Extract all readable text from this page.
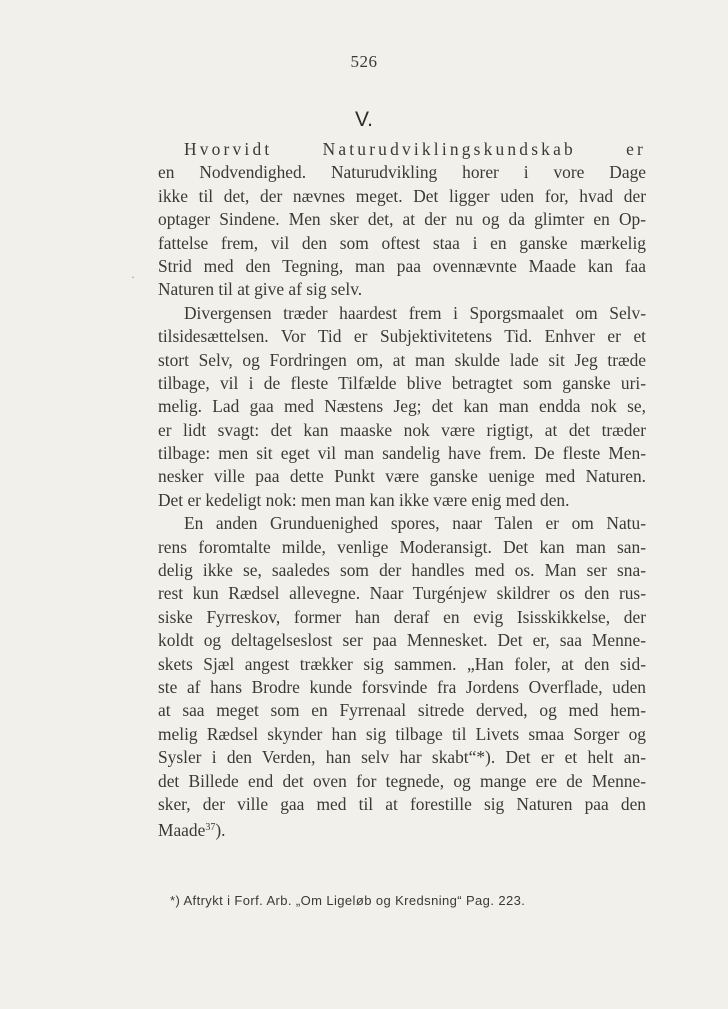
526
V.
·
Hvorvidt Naturudviklingskundskab er
en Nodvendighed. Naturudvikling horer i vore Dage
ikke til det, der nævnes meget. Det ligger uden for, hvad der
optager Sindene. Men sker det, at der nu og da glimter en Op-
fattelse frem, vil den som oftest staa i en ganske mærkelig
Strid med den Tegning, man paa ovennævnte Maade kan faa
Naturen til at give af sig selv.
Divergensen træder haardest frem i Sporgsmaalet om Selv-
tilsidesættelsen. Vor Tid er Subjektivitetens Tid. Enhver er et
stort Selv, og Fordringen om, at man skulde lade sit Jeg træde
tilbage, vil i de fleste Tilfælde blive betragtet som ganske uri-
melig. Lad gaa med Næstens Jeg; det kan man endda nok se,
er lidt svagt: det kan maaske nok være rigtigt, at det træder
tilbage: men sit eget vil man sandelig have frem. De fleste Men-
nesker ville paa dette Punkt være ganske uenige med Naturen.
Det er kedeligt nok: men man kan ikke være enig med den.
En anden Grunduenighed spores, naar Talen er om Natu-
rens foromtalte milde, venlige Moderansigt. Det kan man san-
delig ikke se, saaledes som der handles med os. Man ser sna-
rest kun Rædsel allevegne. Naar Turgénjew skildrer os den rus-
siske Fyrreskov, former han deraf en evig Isisskikkelse, der
koldt og deltagelseslost ser paa Mennesket. Det er, saa Menne-
skets Sjæl angest trækker sig sammen. „Han foler, at den sid-
ste af hans Brodre kunde forsvinde fra Jordens Overflade, uden
at saa meget som en Fyrrenaal sitrede derved, og med hem-
melig Rædsel skynder han sig tilbage til Livets smaa Sorger og
Sysler i den Verden, han selv har skabt“*). Det er et helt an-
det Billede end det oven for tegnede, og mange ere de Menne-
sker, der ville gaa med til at forestille sig Naturen paa den
Maade$^{37}$).
*) Aftrykt i Forf. Arb. „Om Ligeløb og Kredsning“ Pag. 223.
